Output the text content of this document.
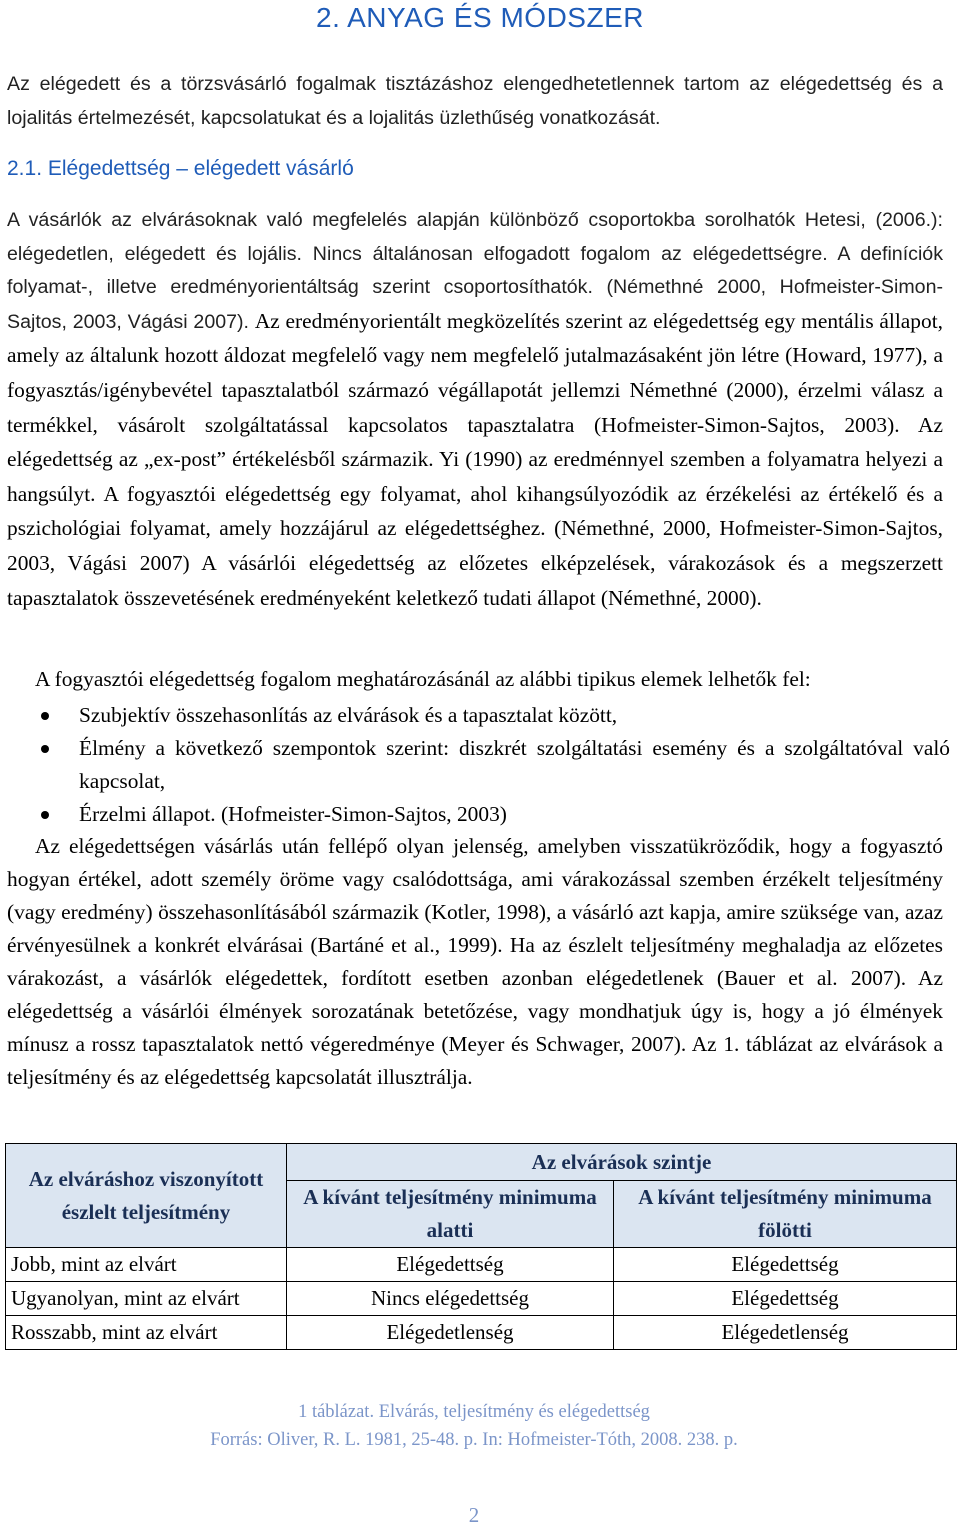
2. ANYAG ÉS MÓDSZER

Az elégedett és a törzsvásárló fogalmak tisztázáshoz elengedhetetlennek tartom az elégedettség és a lojalitás értelmezését, kapcsolatukat és a lojalitás üzlethűség vonatkozását.

2.1. Elégedettség – elégedett vásárló

A vásárlók az elvárásoknak való megfelelés alapján különböző csoportokba sorolhatók Hetesi, (2006.): elégedetlen, elégedett és lojális. Nincs általánosan elfogadott fogalom az elégedettségre. A definíciók folyamat-, illetve eredményorientáltság szerint csoportosíthatók. (Némethné 2000, Hofmeister-Simon-Sajtos, 2003, Vágási 2007). Az eredményorientált megközelítés szerint az elégedettség egy mentális állapot, amely az általunk hozott áldozat megfelelő vagy nem megfelelő jutalmazásaként jön létre (Howard, 1977), a fogyasztás/igénybevétel tapasztalatból származó végállapotát jellemzi Némethné (2000), érzelmi válasz a termékkel, vásárolt szolgáltatással kapcsolatos tapasztalatra (Hofmeister-Simon-Sajtos, 2003). Az elégedettség az „ex-post” értékelésből származik. Yi (1990) az eredménnyel szemben a folyamatra helyezi a hangsúlyt. A fogyasztói elégedettség egy folyamat, ahol kihangsúlyozódik az érzékelési az értékelő és a pszichológiai folyamat, amely hozzájárul az elégedettséghez. (Némethné, 2000, Hofmeister-Simon-Sajtos, 2003, Vágási 2007) A vásárlói elégedettség az előzetes elképzelések, várakozások és a megszerzett tapasztalatok összevetésének eredményeként keletkező tudati állapot (Némethné, 2000).

A fogyasztói elégedettség fogalom meghatározásánál az alábbi tipikus elemek lelhetők fel:

Szubjektív összehasonlítás az elvárások és a tapasztalat között,
Élmény a következő szempontok szerint: diszkrét szolgáltatási esemény és a szolgáltatóval való kapcsolat,
Érzelmi állapot. (Hofmeister-Simon-Sajtos, 2003)

Az elégedettségen vásárlás után fellépő olyan jelenség, amelyben visszatükröződik, hogy a fogyasztó hogyan értékel, adott személy öröme vagy csalódottsága, ami várakozással szemben érzékelt teljesítmény (vagy eredmény) összehasonlításából származik (Kotler, 1998), a vásárló azt kapja, amire szüksége van, azaz érvényesülnek a konkrét elvárásai (Bartáné et al., 1999). Ha az észlelt teljesítmény meghaladja az előzetes várakozást, a vásárlók elégedettek, fordított esetben azonban elégedetlenek (Bauer et al. 2007). Az elégedettség a vásárlói élmények sorozatának betetőzése, vagy mondhatjuk úgy is, hogy a jó élmények mínusz a rossz tapasztalatok nettó végeredménye (Meyer és Schwager, 2007). Az 1. táblázat az elvárások a teljesítmény és az elégedettség kapcsolatát illusztrálja.

Az elváráshoz viszonyított észlelt teljesítmény	Az elvárások szintje	
	A kívánt teljesítmény minimuma alatti	A kívánt teljesítmény minimuma fölötti
Jobb, mint az elvárt	Elégedettség	Elégedettség
Ugyanolyan, mint az elvárt	Nincs elégedettség	Elégedettség
Rosszabb, mint az elvárt	Elégedetlenség	Elégedetlenség
1 táblázat. Elvárás, teljesítmény és elégedettség
Forrás: Oliver, R. L. 1981, 25-48. p. In: Hofmeister-Tóth, 2008. 238. p.
2
